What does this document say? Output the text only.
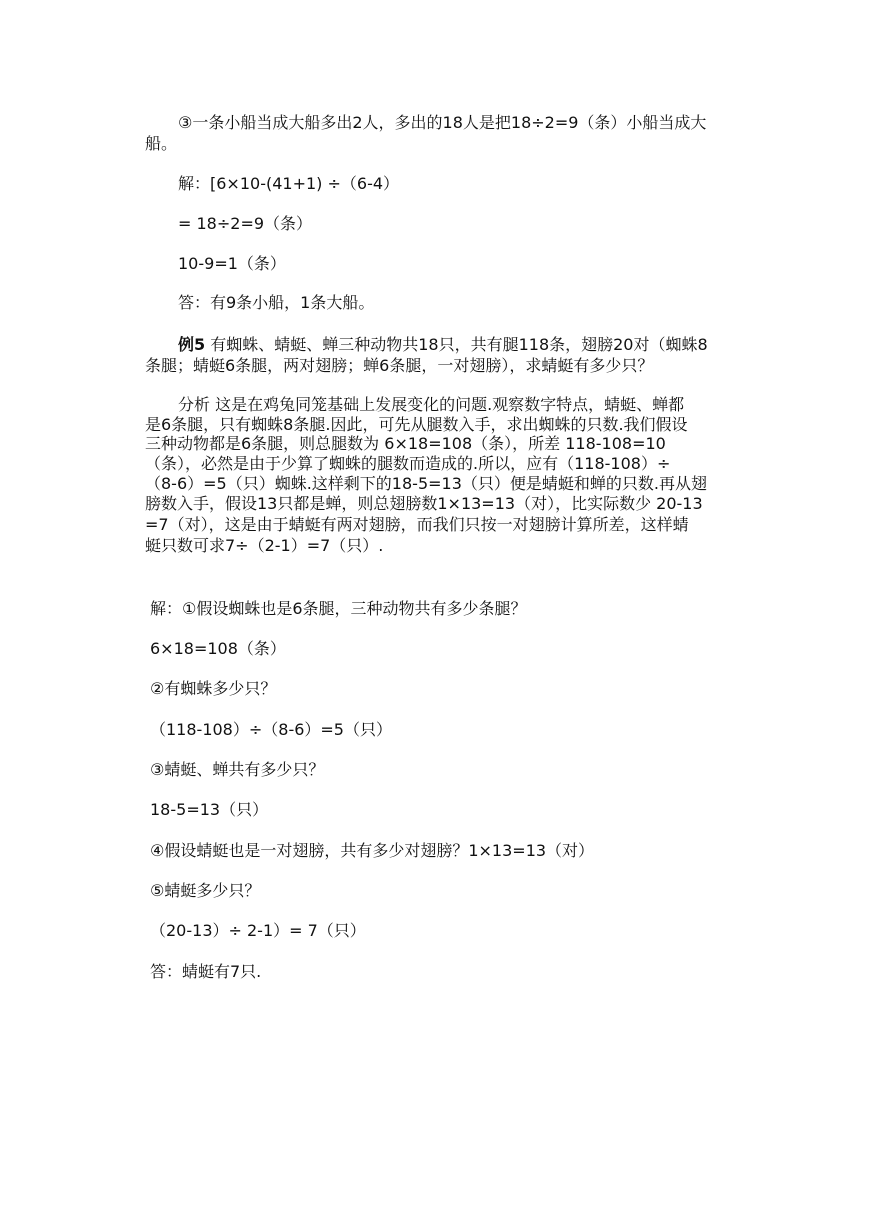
③一条小船当成大船多出2人，多出的18人是把18÷2=9（条）小船当成大

船。

解：[6×10-(41+1) ÷（6-4）

= 18÷2=9（条）

10-9=1（条）

答：有9条小船，1条大船。

例5 有蜘蛛、蜻蜓、蝉三种动物共18只，共有腿118条，翅膀20对（蜘蛛8

条腿；蜻蜓6条腿，两对翅膀；蝉6条腿，一对翅膀），求蜻蜓有多少只？

分析 这是在鸡兔同笼基础上发展变化的问题.观察数字特点，蜻蜓、蝉都

是6条腿，只有蜘蛛8条腿.因此，可先从腿数入手，求出蜘蛛的只数.我们假设

三种动物都是6条腿，则总腿数为 6×18=108（条），所差 118-108=10

（条），必然是由于少算了蜘蛛的腿数而造成的.所以，应有（118-108）÷

（8-6）=5（只）蜘蛛.这样剩下的18-5=13（只）便是蜻蜓和蝉的只数.再从翅

膀数入手，假设13只都是蝉，则总翅膀数1×13=13（对），比实际数少 20-13

=7（对），这是由于蜻蜓有两对翅膀，而我们只按一对翅膀计算所差，这样蜻

蜓只数可求7÷（2-1）=7（只）.

解：①假设蜘蛛也是6条腿，三种动物共有多少条腿？

6×18=108（条）

②有蜘蛛多少只？

（118-108）÷（8-6）=5（只）

③蜻蜓、蝉共有多少只？

18-5=13（只）

④假设蜻蜓也是一对翅膀，共有多少对翅膀？1×13=13（对）

⑤蜻蜓多少只？

（20-13）÷ 2-1）= 7（只）

答：蜻蜓有7只.
